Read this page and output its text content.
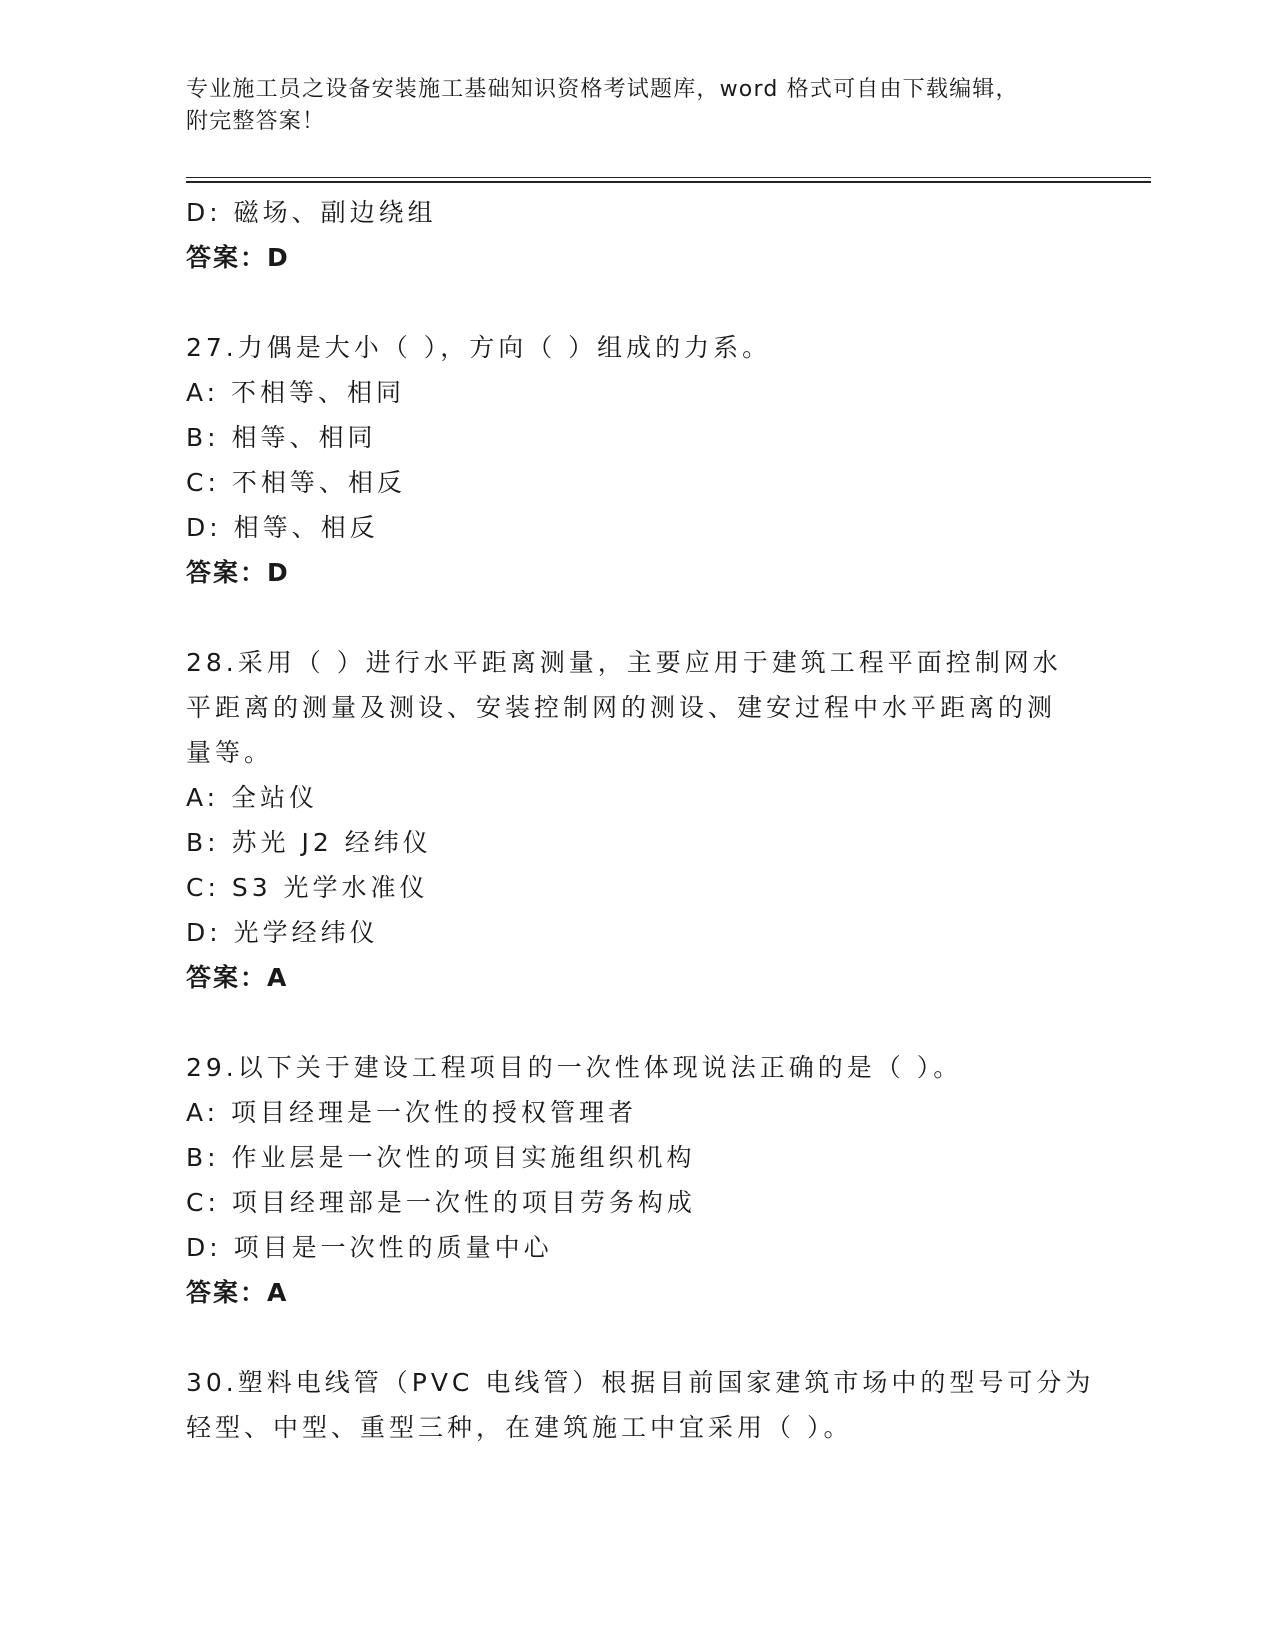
专业施工员之设备安装施工基础知识资格考试题库，word 格式可自由下载编辑，
附完整答案！
D: 磁场、副边绕组
答案：D
27.力偶是大小（ ），方向（ ）组成的力系。
A: 不相等、相同
B: 相等、相同
C: 不相等、相反
D: 相等、相反
答案：D
28.采用（ ）进行水平距离测量，主要应用于建筑工程平面控制网水
平距离的测量及测设、安装控制网的测设、建安过程中水平距离的测
量等。
A: 全站仪
B: 苏光 J2 经纬仪
C: S3 光学水准仪
D: 光学经纬仪
答案：A
29.以下关于建设工程项目的一次性体现说法正确的是（ ）。
A: 项目经理是一次性的授权管理者
B: 作业层是一次性的项目实施组织机构
C: 项目经理部是一次性的项目劳务构成
D: 项目是一次性的质量中心
答案：A
30.塑料电线管（PVC 电线管）根据目前国家建筑市场中的型号可分为
轻型、中型、重型三种，在建筑施工中宜采用（ ）。
